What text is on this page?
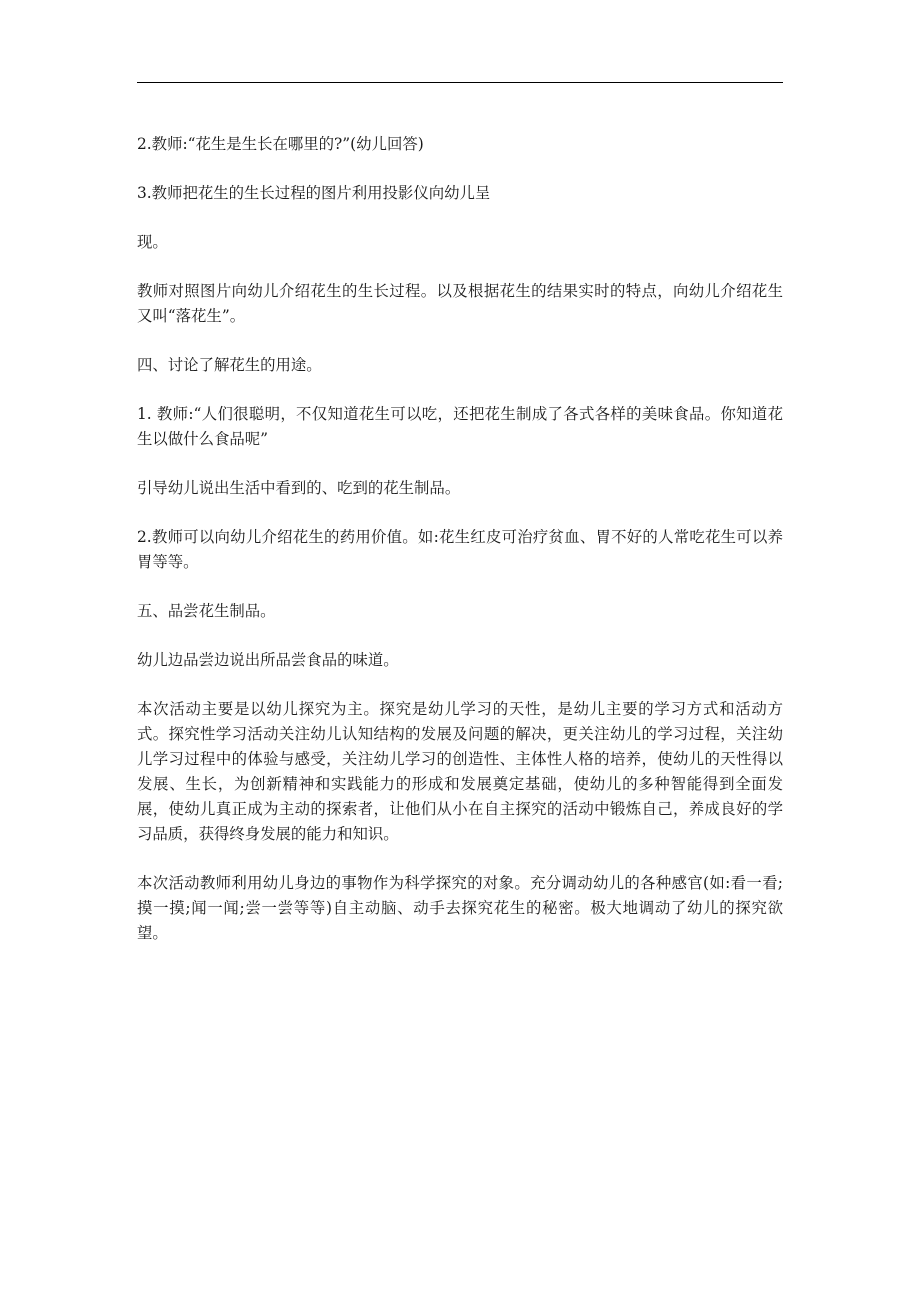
2.教师:“花生是生长在哪里的?”(幼儿回答)

3.教师把花生的生长过程的图片利用投影仪向幼儿呈

现。

教师对照图片向幼儿介绍花生的生长过程。以及根据花生的结果实时的特点，向幼儿介绍花生又叫“落花生”。

四、讨论了解花生的用途。

1. 教师:“人们很聪明，不仅知道花生可以吃，还把花生制成了各式各样的美味食品。你知道花生以做什么食品呢”

引导幼儿说出生活中看到的、吃到的花生制品。

2.教师可以向幼儿介绍花生的药用价值。如:花生红皮可治疗贫血、胃不好的人常吃花生可以养胃等等。

五、品尝花生制品。

幼儿边品尝边说出所品尝食品的味道。

本次活动主要是以幼儿探究为主。探究是幼儿学习的天性，是幼儿主要的学习方式和活动方式。探究性学习活动关注幼儿认知结构的发展及问题的解决，更关注幼儿的学习过程，关注幼儿学习过程中的体验与感受，关注幼儿学习的创造性、主体性人格的培养，使幼儿的天性得以发展、生长，为创新精神和实践能力的形成和发展奠定基础，使幼儿的多种智能得到全面发展，使幼儿真正成为主动的探索者，让他们从小在自主探究的活动中锻炼自己，养成良好的学习品质，获得终身发展的能力和知识。

本次活动教师利用幼儿身边的事物作为科学探究的对象。充分调动幼儿的各种感官(如:看一看;摸一摸;闻一闻;尝一尝等等)自主动脑、动手去探究花生的秘密。极大地调动了幼儿的探究欲望。
